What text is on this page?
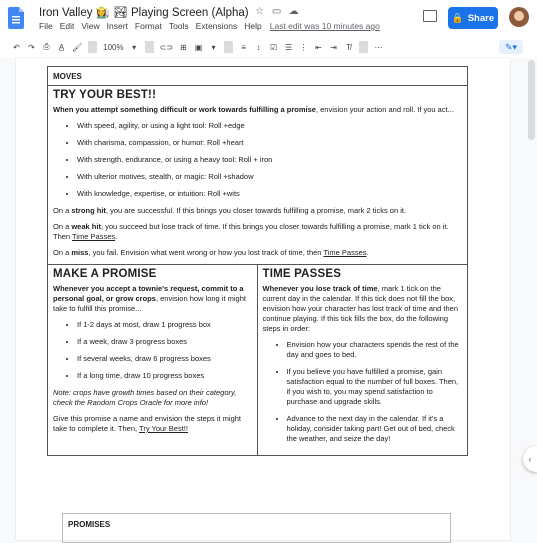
Iron Valley 👩‍🌾 🏞 Playing Screen (Alpha) ☆ ▭ ☁
File Edit View Insert Format Tools Extensions Help Last edit was 10 minutes ago
🔒 Share
↶ ↷ ⎙ A̲ 🖌	100%	▾	⊂⊃ ⊞ ▣	▾	≡	↕	☑ ☰ ⋮ ⇤ ⇥ T̸	⋯	✎▾
MOVES
TRY YOUR BEST!!

When you attempt something difficult or work towards fulfilling a promise, envision your action and roll. If you act...

• With speed, agility, or using a light tool: Roll +edge
• With charisma, compassion, or humor: Roll +heart
• With strength, endurance, or using a heavy tool: Roll + iron
• With ulterior motives, stealth, or magic: Roll +shadow
• With knowledge, expertise, or intuition: Roll +wits

On a strong hit, you are successful. If this brings you closer towards fulfilling a promise, mark 2 ticks on it.

On a weak hit, you succeed but lose track of time. If this brings you closer towards fulfilling a promise, mark 1 tick on it. Then Time Passes.

On a miss, you fail. Envision what went wrong or how you lost track of time, then Time Passes.

MAKE A PROMISE

Whenever you accept a townie's request, commit to a personal goal, or grow crops, envision how long it might take to fulfill this promise...

• If 1-2 days at most, draw 1 progress box
• If a week, draw 3 progress boxes
• If several weeks, draw 6 progress boxes
• If a long time, draw 10 progress boxes

Note: crops have growth times based on their category, check the Random Crops Oracle for more info!

Give this promise a name and envision the steps it might take to complete it. Then, Try Your Best!!

TIME PASSES

Whenever you lose track of time, mark 1 tick on the current day in the calendar. If this tick does not fill the box, envision how your character has lost track of time and then continue playing. If this tick fills the box, do the following steps in order:

• Envision how your characters spends the rest of the day and goes to bed.
• If you believe you have fulfilled a promise, gain satisfaction equal to the number of full boxes. Then, if you wish to, you may spend satisfaction to purchase and upgrade skills.
• Advance to the next day in the calendar. If it's a holiday, consider taking part! Get out of bed, check the weather, and seize the day!
PROMISES
‹
